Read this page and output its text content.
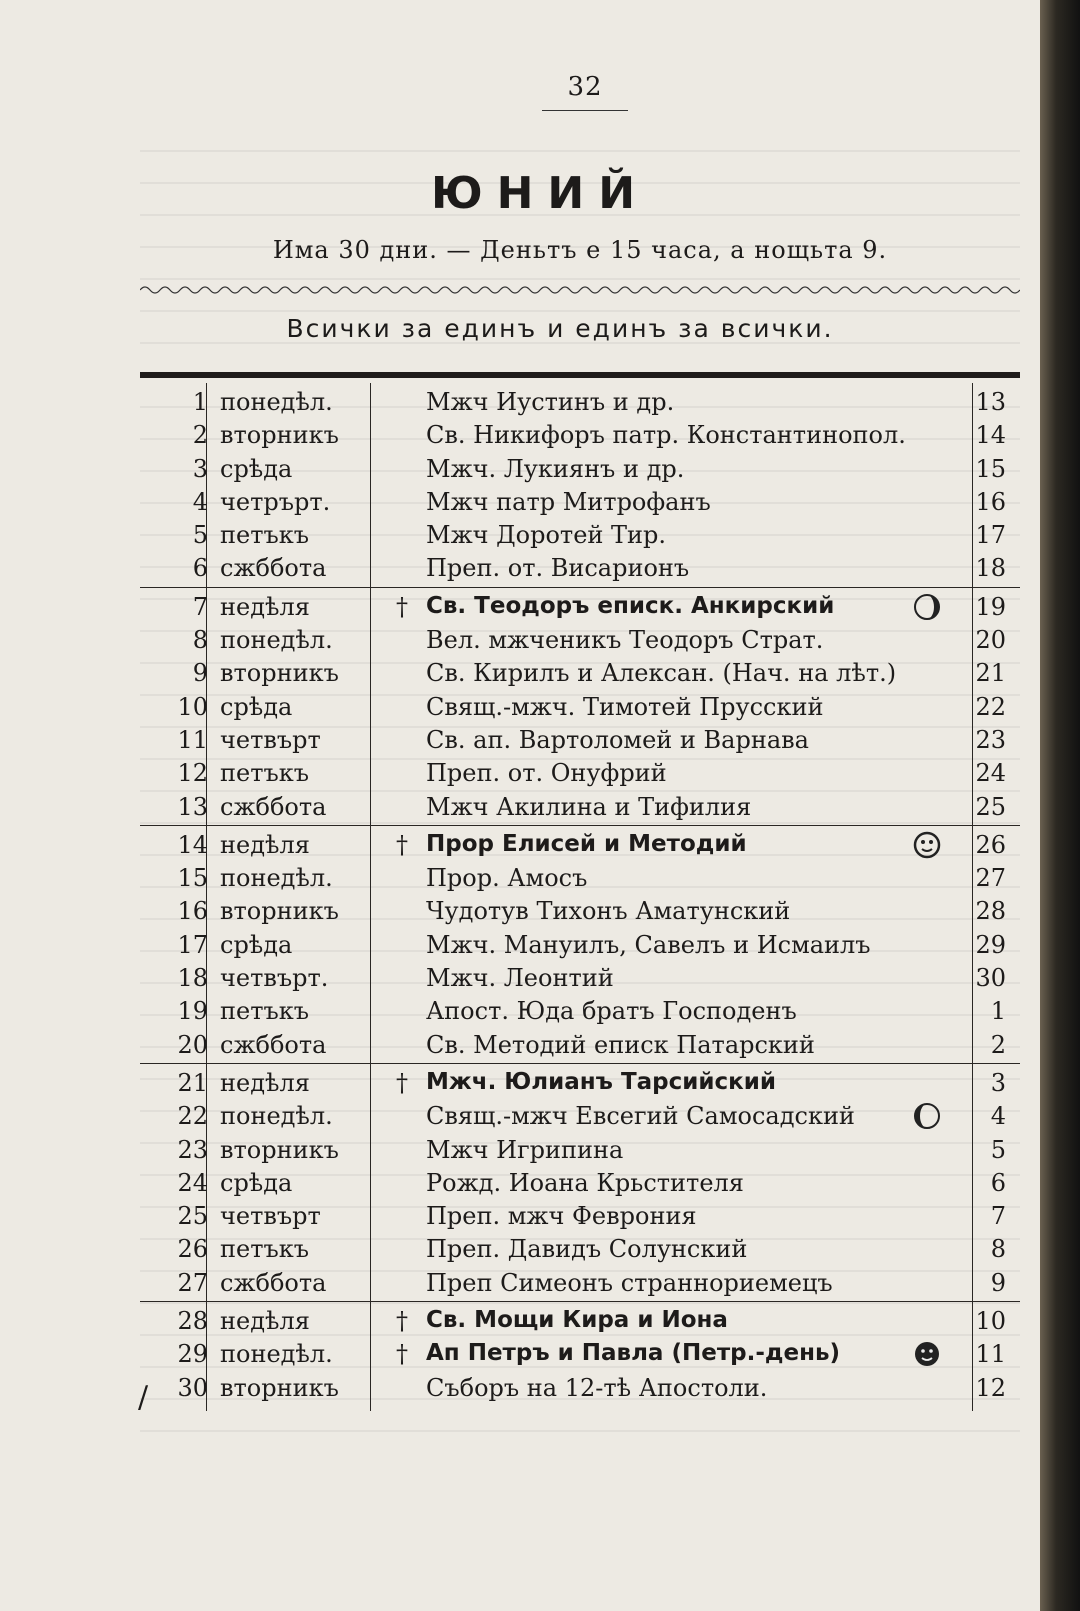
32
ЮНИЙ
Има 30 дни. — Деньтъ е 15 часа, а нощьта 9.
Всички за единъ и единъ за всички.
1 понедѣл.	Мжч Иустинъ и др.	13
2 вторникъ	Св. Никифоръ патр. Константинопол.	14
3 срѣда	Мжч. Лукиянъ и др.	15
4 четрърт.	Мжч патр Митрофанъ	16
5 петъкъ	Мжч Доротей Тир.	17
6 сжббота	Преп. от. Висарионъ	18
7 недѣля	† Св. Теодоръ еписк. Анкирский	19
8 понедѣл.	Вел. мжченикъ Теодоръ Страт.	20
9 вторникъ	Св. Кирилъ и Алексан. (Нач. на лѣт.)	21
10 срѣда	Свящ.-мжч. Тимотей Прусский	22
11 четвърт	Св. ап. Вартоломей и Варнава	23
12 петъкъ	Преп. от. Онуфрий	24
13 сжббота	Мжч Акилина и Тифилия	25
14 недѣля	† Прор Елисей и Методий	26
15 понедѣл.	Прор. Амосъ	27
16 вторникъ	Чудотув Тихонъ Аматунский	28
17 срѣда	Мжч. Мануилъ, Савелъ и Исмаилъ	29
18 четвърт.	Мжч. Леонтий	30
19 петъкъ	Апост. Юда братъ Господенъ	1
20 сжббота	Св. Методий еписк Патарский	2
21 недѣля	† Мжч. Юлианъ Тарсийский	3
22 понедѣл.	Свящ.-мжч Евсегий Самосадский	4
23 вторникъ	Мжч Игрипина	5
24 срѣда	Рожд. Иоана Крьстителя	6
25 четвърт	Преп. мжч Феврония	7
26 петъкъ	Преп. Давидъ Солунский	8
27 сжббота	Преп Симеонъ страннориемецъ	9
28 недѣля	† Св. Мощи Кира и Иона	10
29 понедѣл.	† Ап Петръ и Павла (Петр.-день)	11
30 вторникъ	Съборъ на 12-тѣ Апостоли.	12
/
